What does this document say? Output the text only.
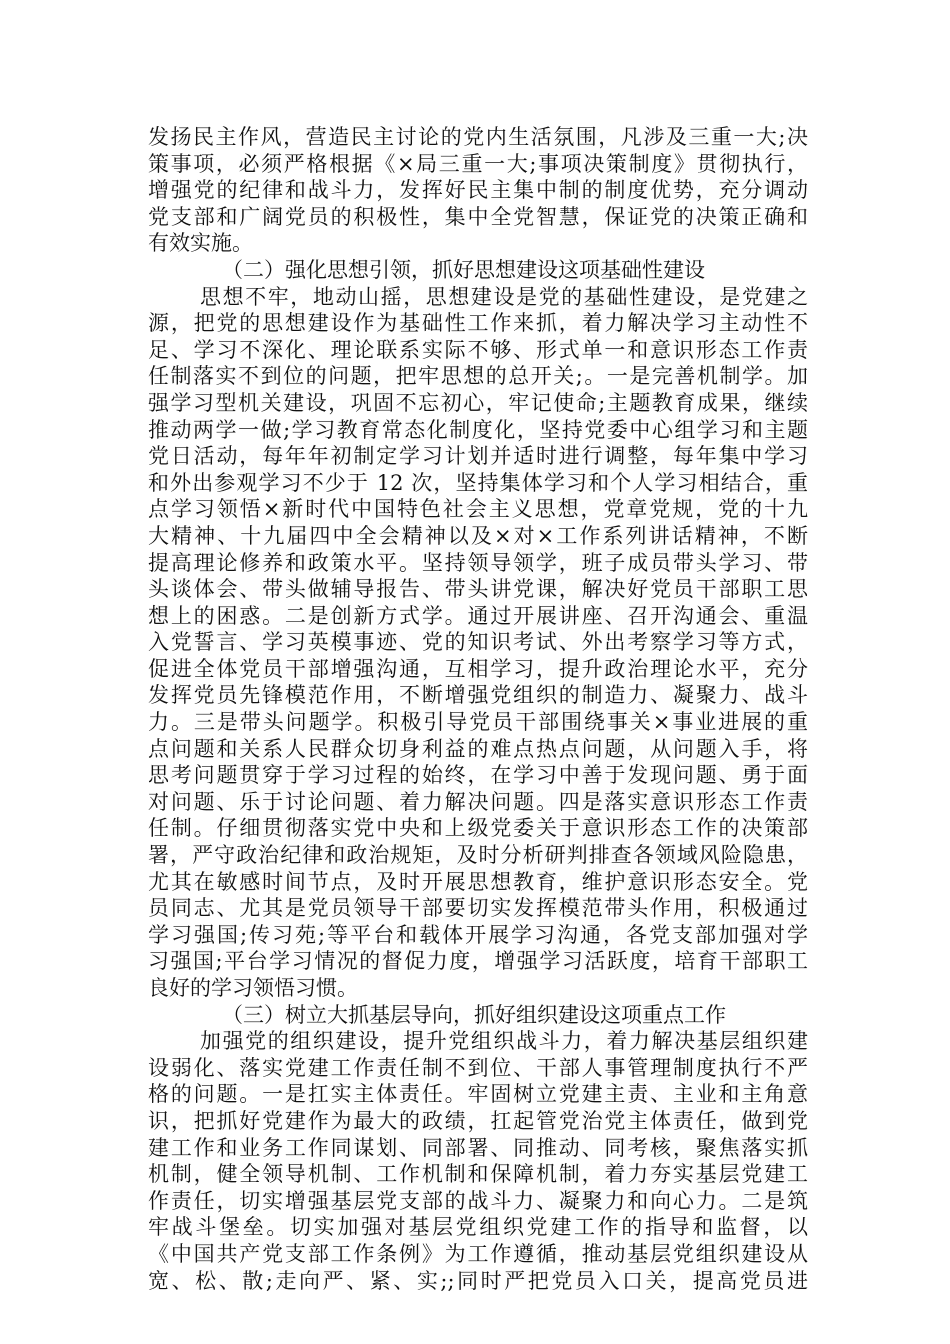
发扬民主作风，营造民主讨论的党内生活氛围，凡涉及三重一大;决
策事项，必须严格根据《×局三重一大;事项决策制度》贯彻执行，
增强党的纪律和战斗力，发挥好民主集中制的制度优势，充分调动
党支部和广阔党员的积极性，集中全党智慧，保证党的决策正确和
有效实施。
（二）强化思想引领，抓好思想建设这项基础性建设
思想不牢，地动山摇，思想建设是党的基础性建设，是党建之
源，把党的思想建设作为基础性工作来抓，着力解决学习主动性不
足、学习不深化、理论联系实际不够、形式单一和意识形态工作责
任制落实不到位的问题，把牢思想的总开关;。一是完善机制学。加
强学习型机关建设，巩固不忘初心，牢记使命;主题教育成果，继续
推动两学一做;学习教育常态化制度化，坚持党委中心组学习和主题
党日活动，每年年初制定学习计划并适时进行调整，每年集中学习
和外出参观学习不少于 12 次，坚持集体学习和个人学习相结合，重
点学习领悟×新时代中国特色社会主义思想，党章党规，党的十九
大精神、十九届四中全会精神以及×对×工作系列讲话精神，不断
提高理论修养和政策水平。坚持领导领学，班子成员带头学习、带
头谈体会、带头做辅导报告、带头讲党课，解决好党员干部职工思
想上的困惑。二是创新方式学。通过开展讲座、召开沟通会、重温
入党誓言、学习英模事迹、党的知识考试、外出考察学习等方式，
促进全体党员干部增强沟通，互相学习，提升政治理论水平，充分
发挥党员先锋模范作用，不断增强党组织的制造力、凝聚力、战斗
力。三是带头问题学。积极引导党员干部围绕事关×事业进展的重
点问题和关系人民群众切身利益的难点热点问题，从问题入手，将
思考问题贯穿于学习过程的始终，在学习中善于发现问题、勇于面
对问题、乐于讨论问题、着力解决问题。四是落实意识形态工作责
任制。仔细贯彻落实党中央和上级党委关于意识形态工作的决策部
署，严守政治纪律和政治规矩，及时分析研判排查各领域风险隐患，
尤其在敏感时间节点，及时开展思想教育，维护意识形态安全。党
员同志、尤其是党员领导干部要切实发挥模范带头作用，积极通过
学习强国;传习苑;等平台和载体开展学习沟通，各党支部加强对学
习强国;平台学习情况的督促力度，增强学习活跃度，培育干部职工
良好的学习领悟习惯。
（三）树立大抓基层导向，抓好组织建设这项重点工作
加强党的组织建设，提升党组织战斗力，着力解决基层组织建
设弱化、落实党建工作责任制不到位、干部人事管理制度执行不严
格的问题。一是扛实主体责任。牢固树立党建主责、主业和主角意
识，把抓好党建作为最大的政绩，扛起管党治党主体责任，做到党
建工作和业务工作同谋划、同部署、同推动、同考核，聚焦落实抓
机制，健全领导机制、工作机制和保障机制，着力夯实基层党建工
作责任，切实增强基层党支部的战斗力、凝聚力和向心力。二是筑
牢战斗堡垒。切实加强对基层党组织党建工作的指导和监督，以
《中国共产党支部工作条例》为工作遵循，推动基层党组织建设从
宽、松、散;走向严、紧、实;;同时严把党员入口关，提高党员进
